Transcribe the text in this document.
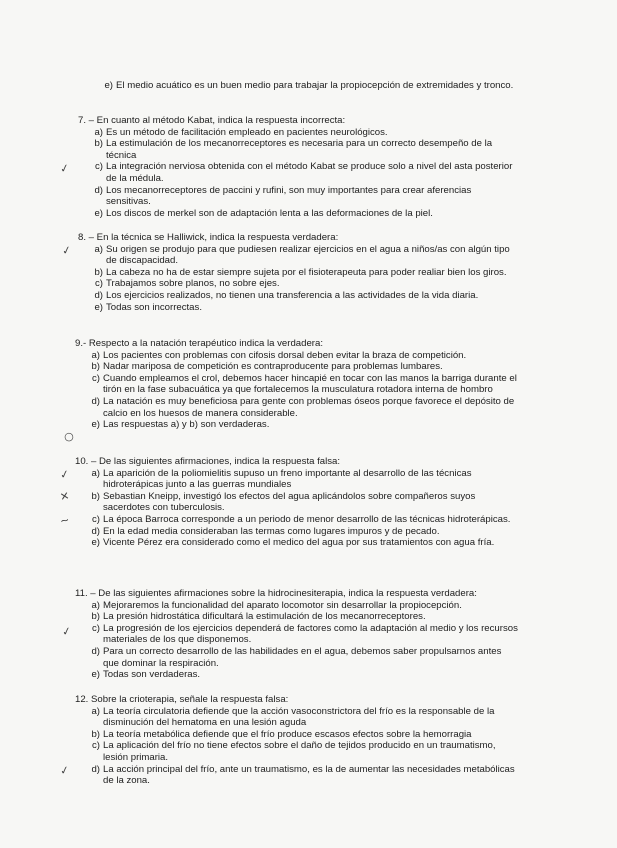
e) El medio acuático es un buen medio para trabajar la propiocepción de extremidades y tronco.
7. – En cuanto al método Kabat, indica la respuesta incorrecta:
a) Es un método de facilitación empleado en pacientes neurológicos.
b) La estimulación de los mecanorreceptores es necesaria para un correcto desempeño de la técnica
c) La integración nerviosa obtenida con el método Kabat se produce solo a nivel del asta posterior de la médula.
d) Los mecanorreceptores de paccini y rufini, son muy importantes para crear aferencias sensitivas.
e) Los discos de merkel son de adaptación lenta a las deformaciones de la piel.
8. – En la técnica se Halliwick, indica la respuesta verdadera:
a) Su origen se produjo para que pudiesen realizar ejercicios en el agua a niños/as con algún tipo de discapacidad.
b) La cabeza no ha de estar siempre sujeta por el fisioterapeuta para poder realiar bien los giros.
c) Trabajamos sobre planos, no sobre ejes.
d) Los ejercicios realizados, no tienen una transferencia a las actividades de la vida diaria.
e) Todas son incorrectas.
9.- Respecto a la natación terapéutico indica la verdadera:
a) Los pacientes con problemas con cifosis dorsal deben evitar la braza de competición.
b) Nadar mariposa de competición es contraproducente para problemas lumbares.
c) Cuando empleamos el crol, debemos hacer hincapié en tocar con las manos la barriga durante el tirón en la fase subacuática ya que fortalecemos la musculatura rotadora interna de hombro
d) La natación es muy beneficiosa para gente con problemas óseos porque favorece el depósito de calcio en los huesos de manera considerable.
e) Las respuestas a) y b) son verdaderas.
10. – De las siguientes afirmaciones, indica la respuesta falsa:
a) La aparición de la poliomielitis supuso un freno importante al desarrollo de las técnicas hidroterápicas junto a las guerras mundiales
b) Sebastian Kneipp, investigó los efectos del agua aplicándolos sobre compañeros suyos sacerdotes con tuberculosis.
c) La época Barroca corresponde a un periodo de menor desarrollo de las técnicas hidroterápicas.
d) En la edad media consideraban las termas como lugares impuros y de pecado.
e) Vicente Pérez era considerado como el medico del agua por sus tratamientos con agua fría.
11. – De las siguientes afirmaciones sobre la hidrocinesiterapia, indica la respuesta verdadera:
a) Mejoraremos la funcionalidad del aparato locomotor sin desarrollar la propiocepción.
b) La presión hidrostática dificultará la estimulación de los mecanorreceptores.
c) La progresión de los ejercicios dependerá de factores como la adaptación al medio y los recursos materiales de los que disponemos.
d) Para un correcto desarrollo de las habilidades en el agua, debemos saber propulsarnos antes que dominar la respiración.
e) Todas son verdaderas.
12. Sobre la crioterapia, señale la respuesta falsa:
a) La teoría circulatoria defiende que la acción vasoconstrictora del frío es la responsable de la disminución del hematoma en una lesión aguda
b) La teoría metabólica defiende que el frío produce escasos efectos sobre la hemorragia
c) La aplicación del frío no tiene efectos sobre el daño de tejidos producido en un traumatismo, lesión primaria.
d) La acción principal del frío, ante un traumatismo, es la de aumentar las necesidades metabólicas de la zona.
✓
✓
○
✓
✕
~
✓
✓
